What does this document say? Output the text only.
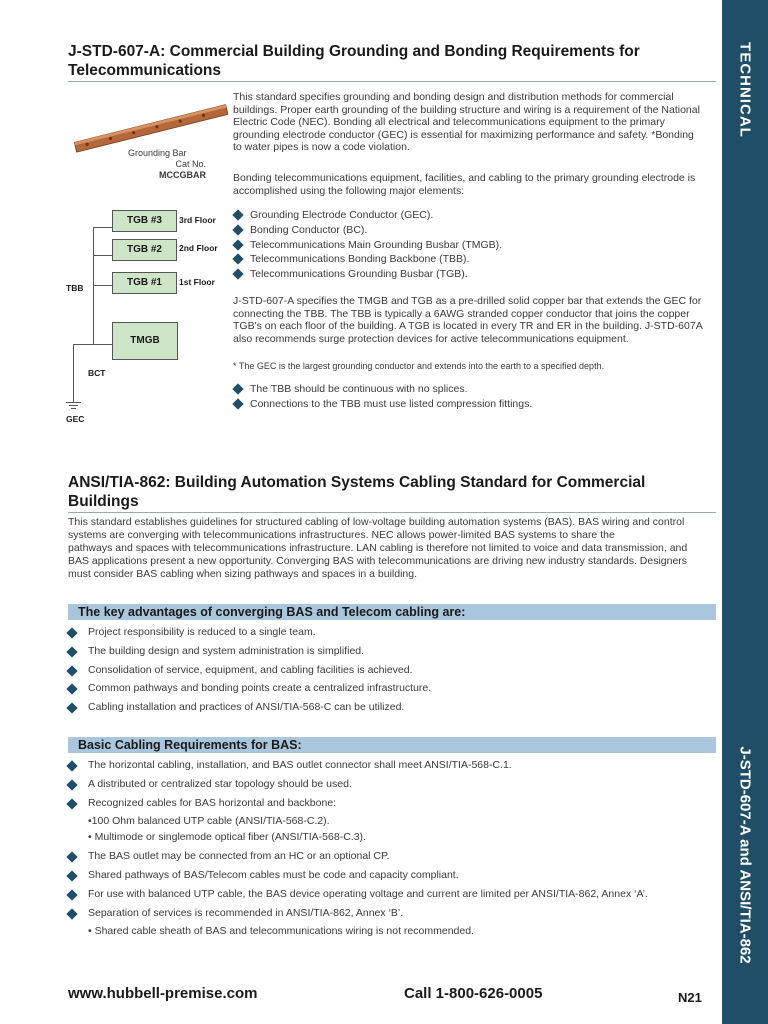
TECHNICAL
J-STD-607-A and ANSI/TIA-862
J-STD-607-A: Commercial Building Grounding and Bonding Requirements for Telecommunications
Grounding Bar
Cat No. MCCGBAR
TGB #3
TGB #2
TGB #1
3rd Floor
2nd Floor
1st Floor
TBB
TMGB
BCT
GEC
This standard specifies grounding and bonding design and distribution methods for commercial buildings. Proper earth grounding of the building structure and wiring is a requirement of the National Electric Code (NEC). Bonding all electrical and telecommunications equipment to the primary grounding electrode conductor (GEC) is essential for maximizing performance and safety. *Bonding to water pipes is now a code violation.
Bonding telecommunications equipment, facilities, and cabling to the primary grounding electrode is accomplished using the following major elements:
Grounding Electrode Conductor (GEC).
Bonding Conductor (BC).
Telecommunications Main Grounding Busbar (TMGB).
Telecommunications Bonding Backbone (TBB).
Telecommunications Grounding Busbar (TGB).
J-STD-607-A specifies the TMGB and TGB as a pre-drilled solid copper bar that extends the GEC for connecting the TBB. The TBB is typically a 6AWG stranded copper conductor that joins the copper TGB's on each floor of the building. A TGB is located in every TR and ER in the building. J-STD-607A also recommends surge protection devices for active telecommunications equipment.
* The GEC is the largest grounding conductor and extends into the earth to a specified depth.
The TBB should be continuous with no splices.
Connections to the TBB must use listed compression fittings.
ANSI/TIA-862: Building Automation Systems Cabling Standard for Commercial Buildings
This standard establishes guidelines for structured cabling of low-voltage building automation systems (BAS). BAS wiring and control
systems are converging with telecommunications infrastructures. NEC allows power-limited BAS systems to share the
pathways and spaces with telecommunications infrastructure. LAN cabling is therefore not limited to voice and data transmission, and
BAS applications present a new opportunity. Converging BAS with telecommunications are driving new industry standards. Designers
must consider BAS cabling when sizing pathways and spaces in a building.
The key advantages of converging BAS and Telecom cabling are:
Project responsibility is reduced to a single team.
The building design and system administration is simplified.
Consolidation of service, equipment, and cabling facilities is achieved.
Common pathways and bonding points create a centralized infrastructure.
Cabling installation and practices of ANSI/TIA-568-C can be utilized.
Basic Cabling Requirements for BAS:
The horizontal cabling, installation, and BAS outlet connector shall meet ANSI/TIA-568-C.1.
A distributed or centralized star topology should be used.
Recognized cables for BAS horizontal and backbone:
The BAS outlet may be connected from an HC or an optional CP.
Shared pathways of BAS/Telecom cables must be code and capacity compliant.
For use with balanced UTP cable, the BAS device operating voltage and current are limited per ANSI/TIA-862, Annex ‘A’.
Separation of services is recommended in ANSI/TIA-862, Annex ‘B’.
•100 Ohm balanced UTP cable (ANSI/TIA-568-C.2).
• Multimode or singlemode optical fiber (ANSI/TIA-568-C.3).
• Shared cable sheath of BAS and telecommunications wiring is not recommended.
www.hubbell-premise.com	Call 1-800-626-0005	N21
